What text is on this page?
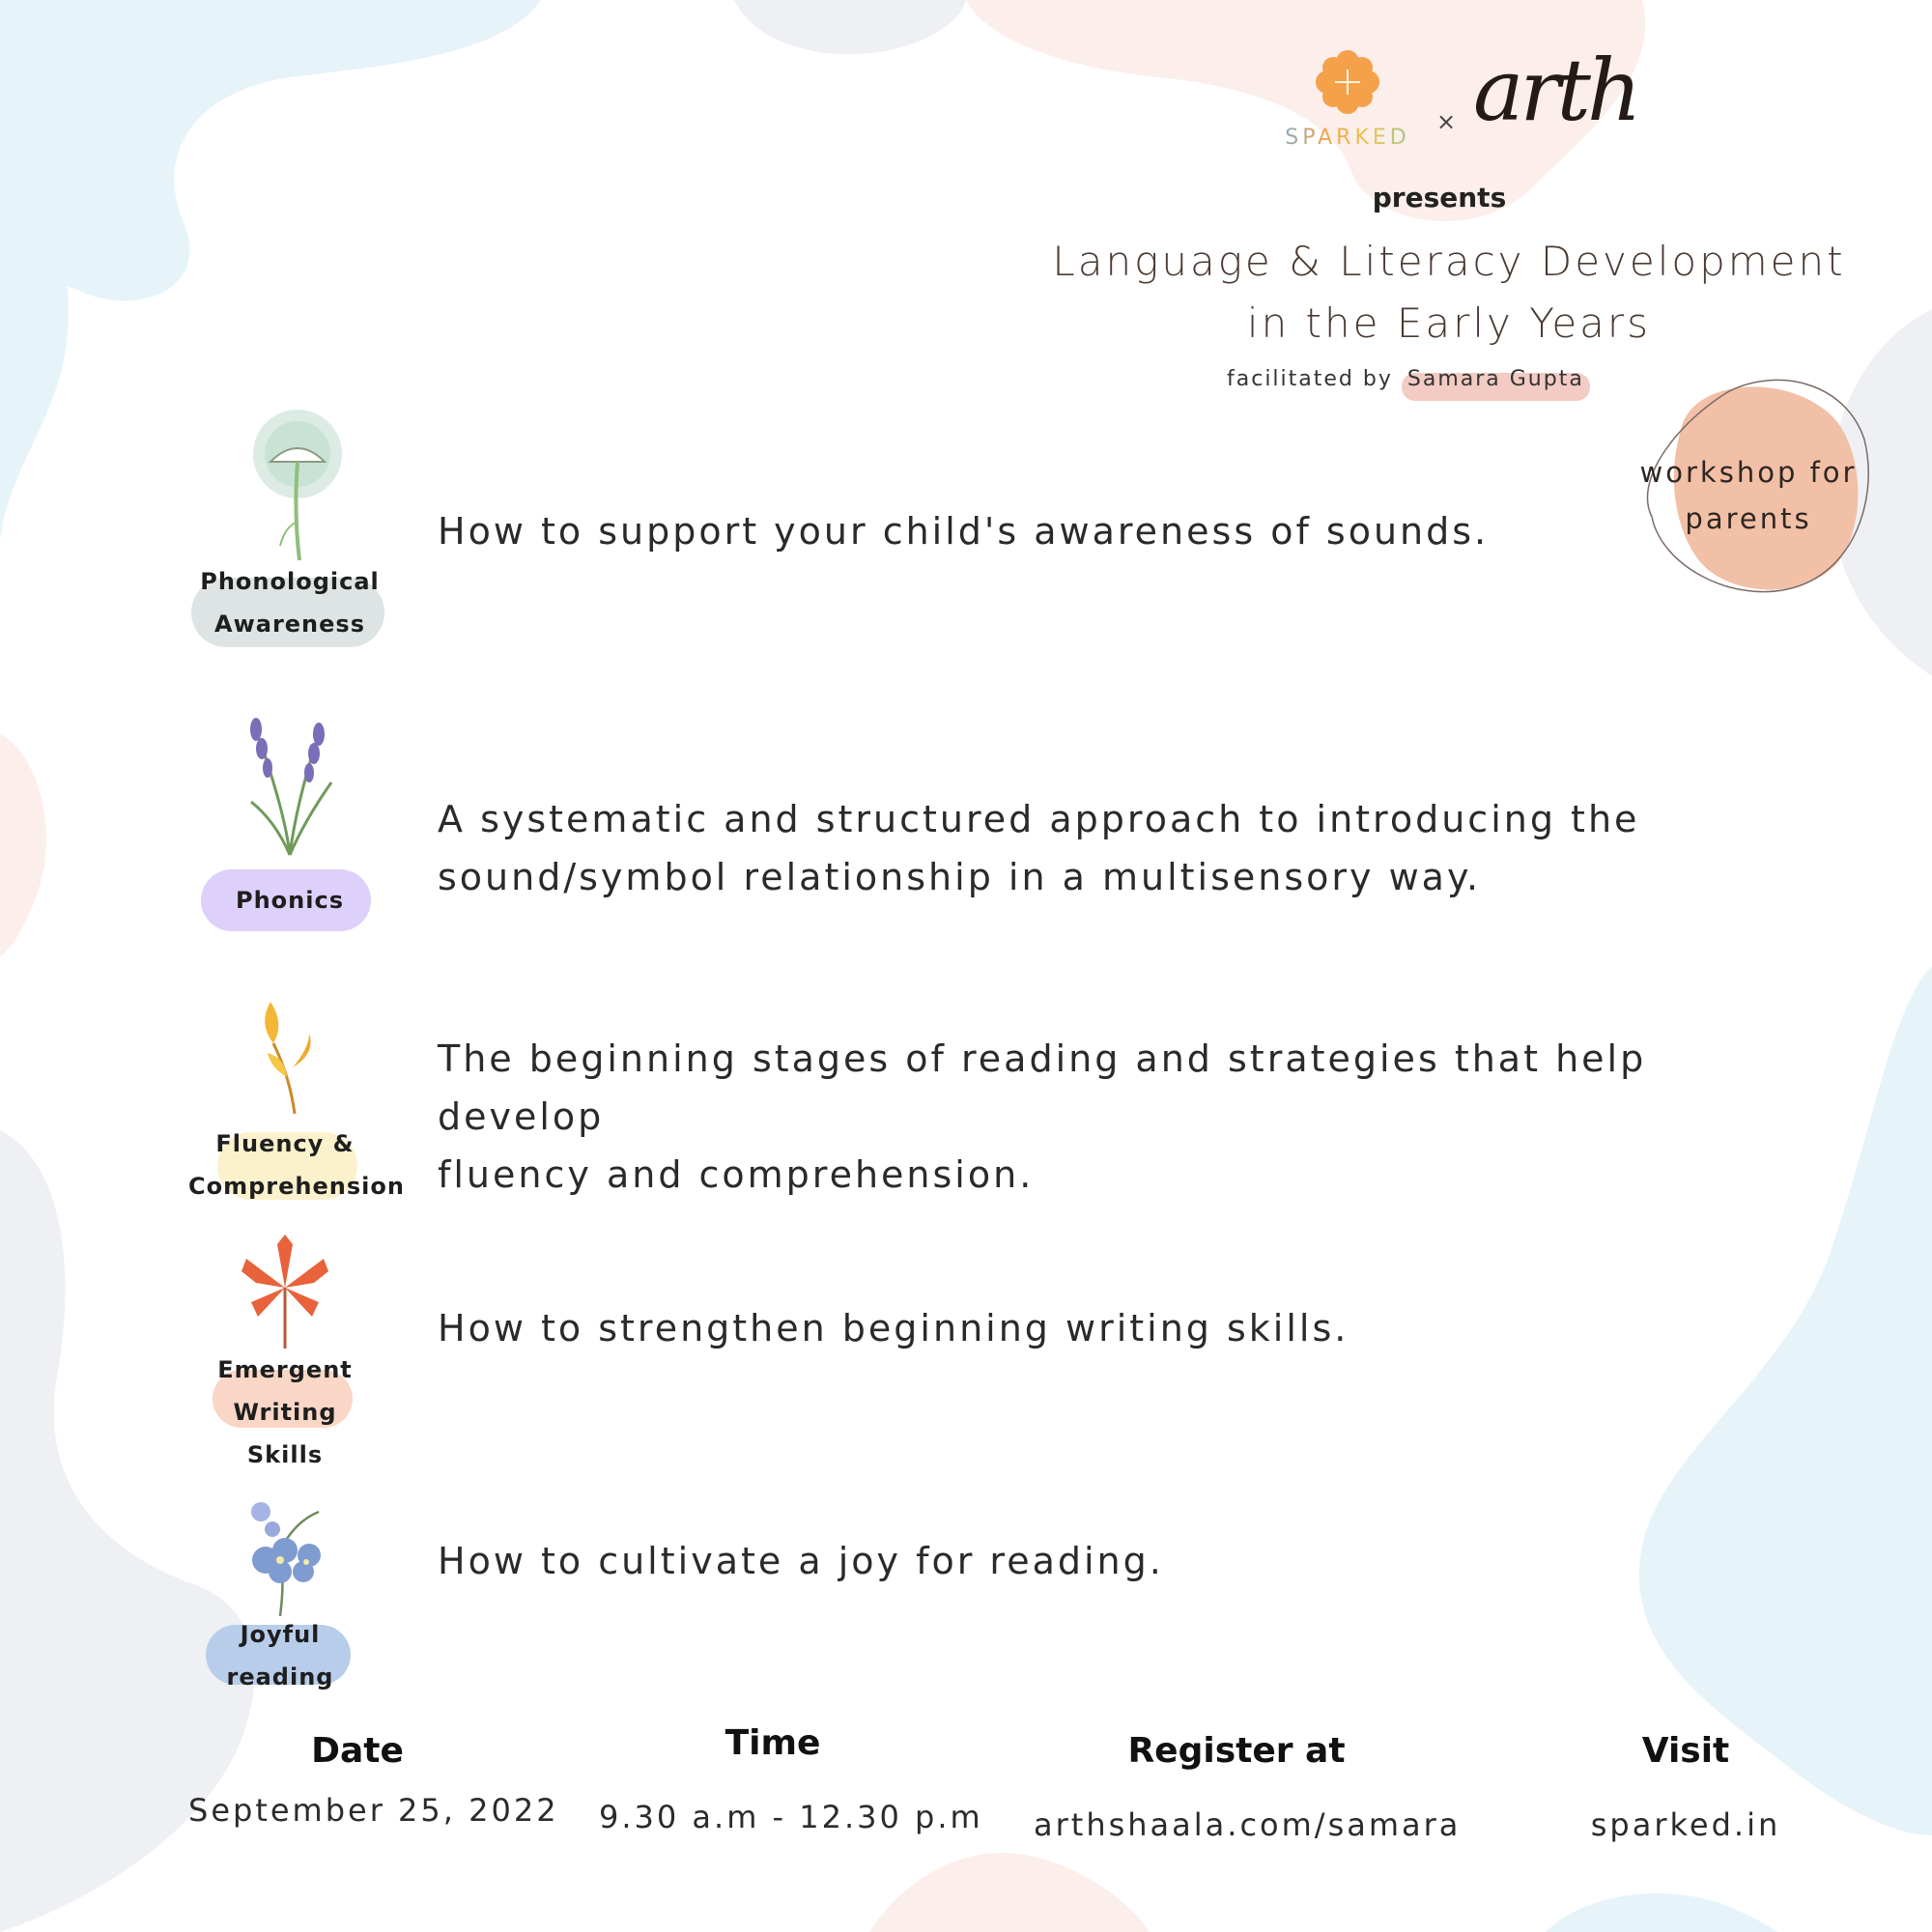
SPARKED
× arth
presents
Language & Literacy Development
in the Early Years
facilitated by Samara Gupta
workshop for
parents
Phonological
Awareness
How to support your child's awareness of sounds.
Phonics
A systematic and structured approach to introducing the
sound/symbol relationship in a multisensory way.
Fluency &
Comprehension
The beginning stages of reading and strategies that help develop
fluency and comprehension.
Emergent Writing
Skills
How to strengthen beginning writing skills.
Joyful
reading
How to cultivate a joy for reading.
Date
September 25, 2022
Time
9.30 a.m - 12.30 p.m
Register at
arthshaala.com/samara
Visit
sparked.in
